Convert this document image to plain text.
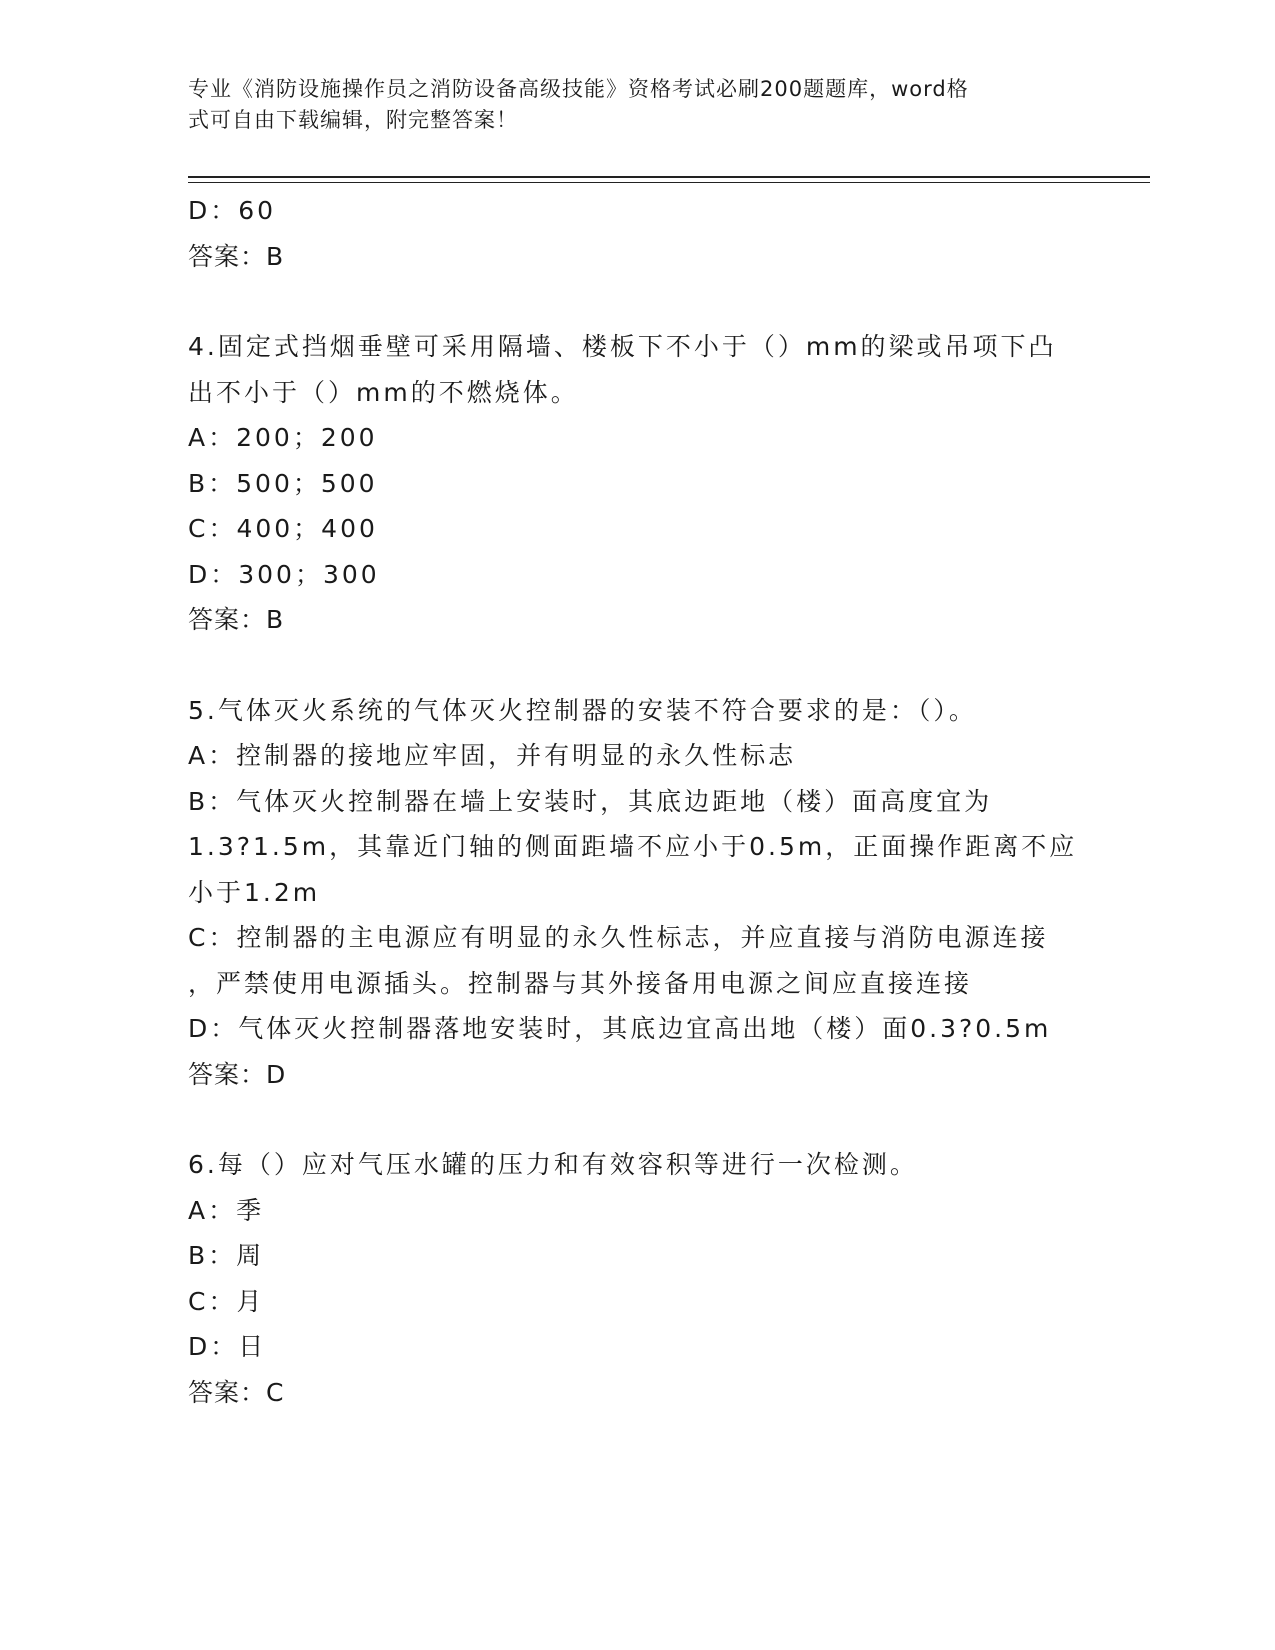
专业《消防设施操作员之消防设备高级技能》资格考试必刷200题题库，word格
式可自由下载编辑，附完整答案！
D：60
答案：B
4.固定式挡烟垂壁可采用隔墙、楼板下不小于（）mm的梁或吊项下凸
出不小于（）mm的不燃烧体。
A：200；200
B：500；500
C：400；400
D：300；300
答案：B
5.气体灭火系统的气体灭火控制器的安装不符合要求的是：（）。
A：控制器的接地应牢固，并有明显的永久性标志
B：气体灭火控制器在墙上安装时，其底边距地（楼）面高度宜为
1.3?1.5m，其靠近门轴的侧面距墙不应小于0.5m，正面操作距离不应
小于1.2m
C：控制器的主电源应有明显的永久性标志，并应直接与消防电源连接
，严禁使用电源插头。控制器与其外接备用电源之间应直接连接
D：气体灭火控制器落地安装时，其底边宜高出地（楼）面0.3?0.5m
答案：D
6.每（）应对气压水罐的压力和有效容积等进行一次检测。
A：季
B：周
C：月
D：日
答案：C
